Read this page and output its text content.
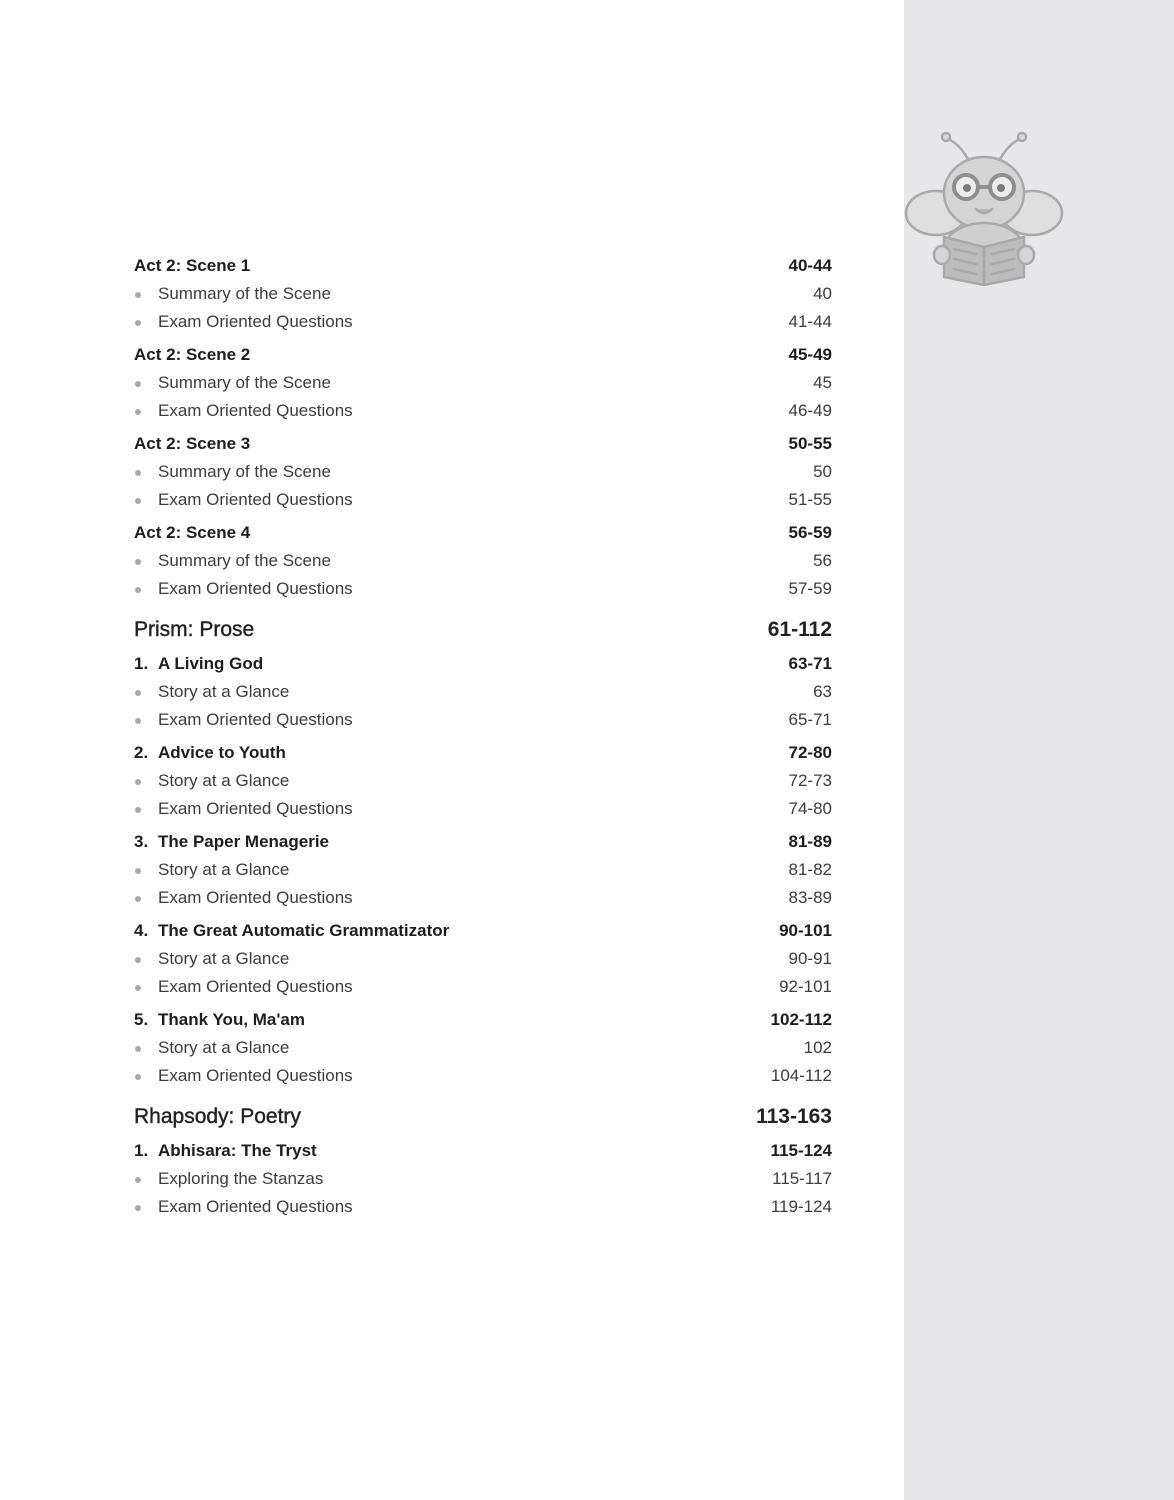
Act 2: Scene 1	40-44
Summary of the Scene	40
Exam Oriented Questions	41-44
Act 2: Scene 2	45-49
Summary of the Scene	45
Exam Oriented Questions	46-49
Act 2: Scene 3	50-55
Summary of the Scene	50
Exam Oriented Questions	51-55
Act 2: Scene 4	56-59
Summary of the Scene	56
Exam Oriented Questions	57-59
Prism: Prose	61-112
1. A Living God	63-71
Story at a Glance	63
Exam Oriented Questions	65-71
2. Advice to Youth	72-80
Story at a Glance	72-73
Exam Oriented Questions	74-80
3. The Paper Menagerie	81-89
Story at a Glance	81-82
Exam Oriented Questions	83-89
4. The Great Automatic Grammatizator	90-101
Story at a Glance	90-91
Exam Oriented Questions	92-101
5. Thank You, Ma'am	102-112
Story at a Glance	102
Exam Oriented Questions	104-112
Rhapsody: Poetry	113-163
1. Abhisara: The Tryst	115-124
Exploring the Stanzas	115-117
Exam Oriented Questions	119-124
